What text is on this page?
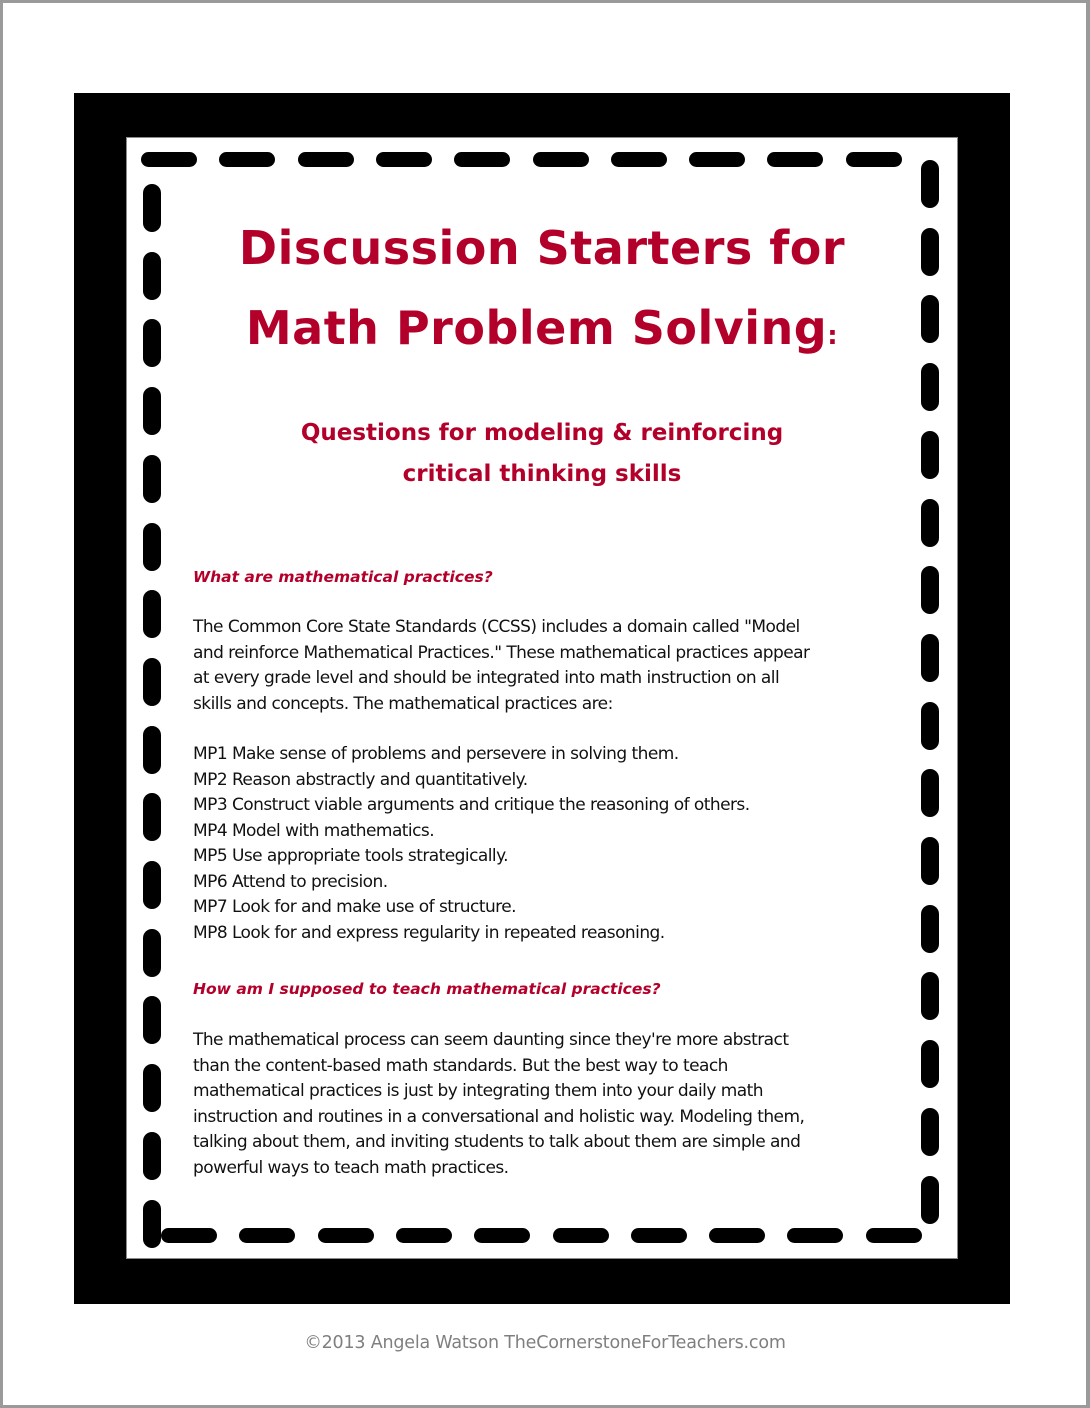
Discussion Starters for
Math Problem Solving:
Questions for modeling & reinforcing
critical thinking skills
What are mathematical practices?
The Common Core State Standards (CCSS) includes a domain called "Model
and reinforce Mathematical Practices." These mathematical practices appear
at every grade level and should be integrated into math instruction on all
skills and concepts. The mathematical practices are:
MP1 Make sense of problems and persevere in solving them.
MP2 Reason abstractly and quantitatively.
MP3 Construct viable arguments and critique the reasoning of others.
MP4 Model with mathematics.
MP5 Use appropriate tools strategically.
MP6 Attend to precision.
MP7 Look for and make use of structure.
MP8 Look for and express regularity in repeated reasoning.
How am I supposed to teach mathematical practices?
The mathematical process can seem daunting since they're more abstract
than the content-based math standards. But the best way to teach
mathematical practices is just by integrating them into your daily math
instruction and routines in a conversational and holistic way. Modeling them,
talking about them, and inviting students to talk about them are simple and
powerful ways to teach math practices.
©2013 Angela Watson TheCornerstoneForTeachers.com
